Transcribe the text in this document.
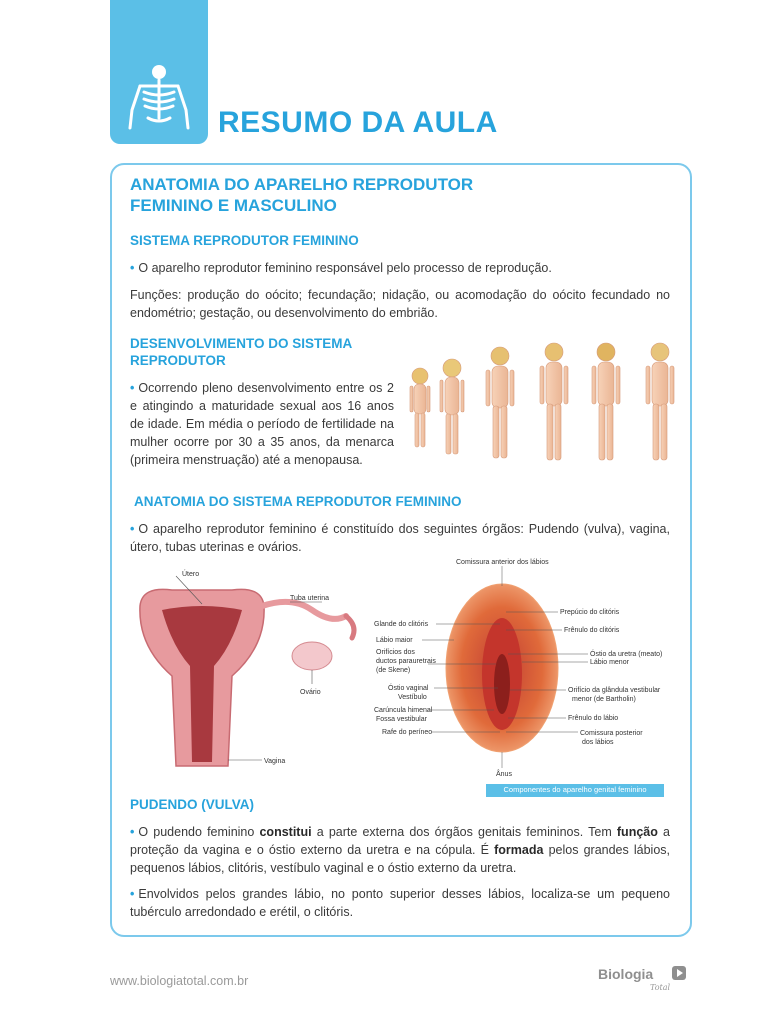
RESUMO DA AULA
ANATOMIA DO APARELHO REPRODUTOR
FEMININO E MASCULINO
SISTEMA REPRODUTOR FEMININO

• O aparelho reprodutor feminino responsável pelo processo de reprodução.

Funções: produção do oócito; fecundação; nidação, ou acomodação do oócito fecundado no endométrio; gestação, ou desenvolvimento do embrião.

DESENVOLVIMENTO DO SISTEMA
REPRODUTOR

• Ocorrendo pleno desenvolvimento entre os 2 e atingindo a maturidade sexual aos 16 anos de idade. Em média o período de fertilidade na mulher ocorre por 30 a 35 anos, da menarca (primeira menstruação) até a menopausa.

ANATOMIA DO SISTEMA REPRODUTOR FEMININO

• O aparelho reprodutor feminino é constituído dos seguintes órgãos: Pudendo (vulva), vagina, útero, tubas uterinas e ovários.

Útero
Tuba uterina
Ovário
Vagina
Comissura anterior dos lábios
Glande do clitóris
Lábio maior
Orifícios dos
ductos parauretrais
(de Skene)
Óstio vaginal
Vestíbulo
Carúncula himenal
Fossa vestibular
Rafe do períneo
Prepúcio do clitóris
Frênulo do clitóris
Óstio da uretra (meato)
Lábio menor
Orifício da glândula vestibular
menor (de Bartholin)
Frênulo do lábio
Comissura posterior
dos lábios
Ânus
Componentes do aparelho genital feminino
PUDENDO (VULVA)

• O pudendo feminino constitui a parte externa dos órgãos genitais femininos. Tem função a proteção da vagina e o óstio externo da uretra e na cópula. É formada pelos grandes lábios, pequenos lábios, clitóris, vestíbulo vaginal e o óstio externo da uretra.

• Envolvidos pelos grandes lábio, no ponto superior desses lábios, localiza-se um pequeno tubérculo arredondado e erétil, o clitóris.

www.biologiatotal.com.br	Biologia
Total
